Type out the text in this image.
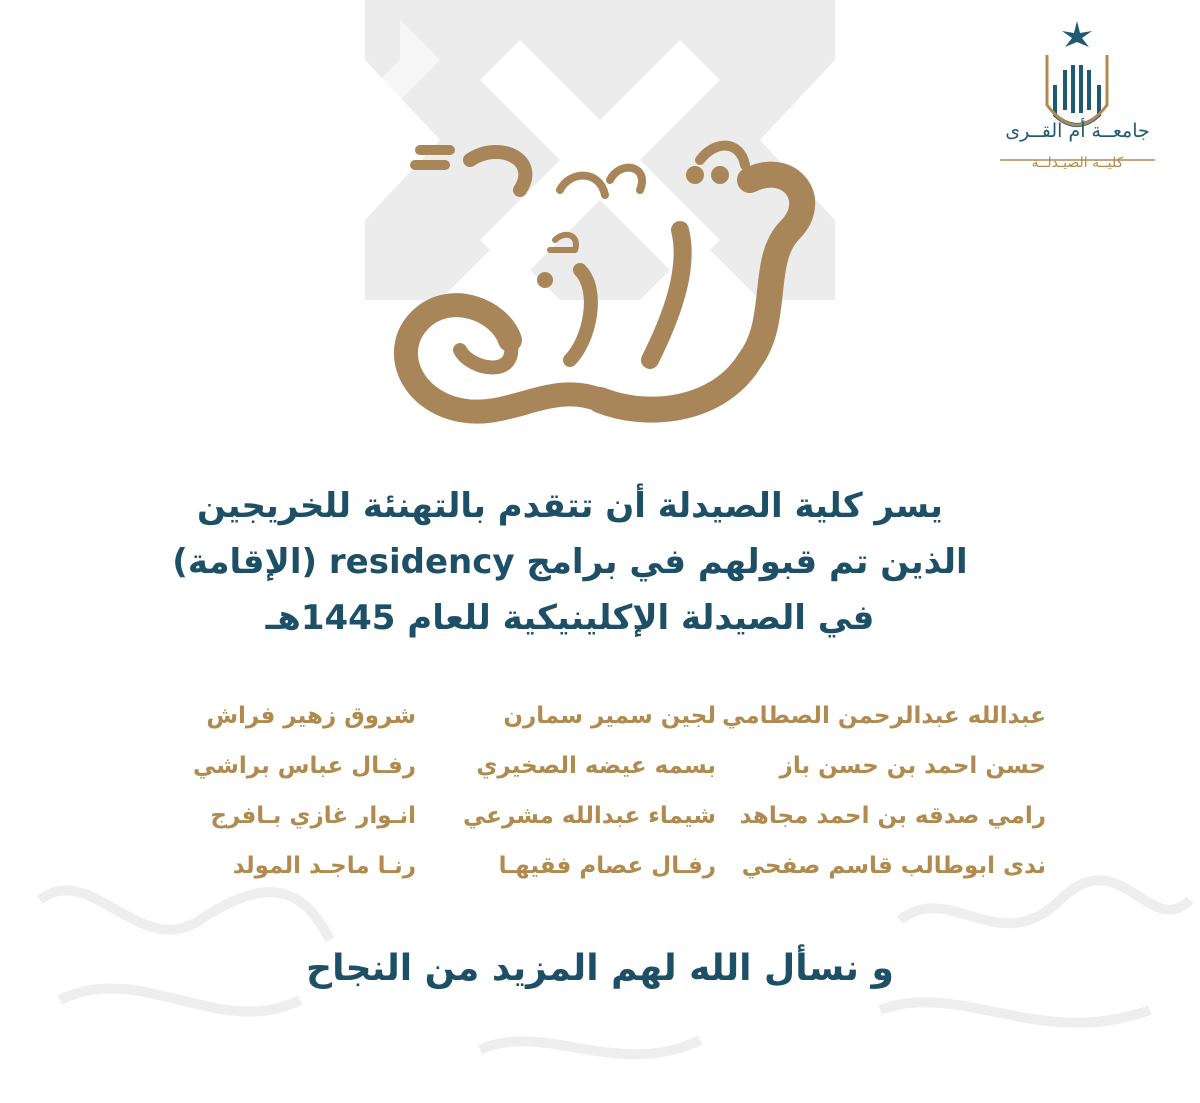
جامعــة أم القــرى
كليــة الصيـدلــة
يسر كلية الصيدلة أن تتقدم بالتهنئة للخريجين
الذين تم قبولهم في برامج residency (الإقامة)
في الصيدلة الإكلينيكية للعام 1445هـ
عبدالله عبدالرحمن الصطامي
لجين سمير سمارن
شروق زهير فراش
حسن احمد بن حسن باز
بسمه عيضه الصخيري
رفـال عباس براشي
رامي صدقه بن احمد مجاهد
شيماء عبدالله مشرعي
انـوار غازي بـافرج
ندى ابوطالب قاسم صفحي
رفـال عصام فقيهـا
رنـا ماجـد المولد
و نسأل الله لهم المزيد من النجاح
